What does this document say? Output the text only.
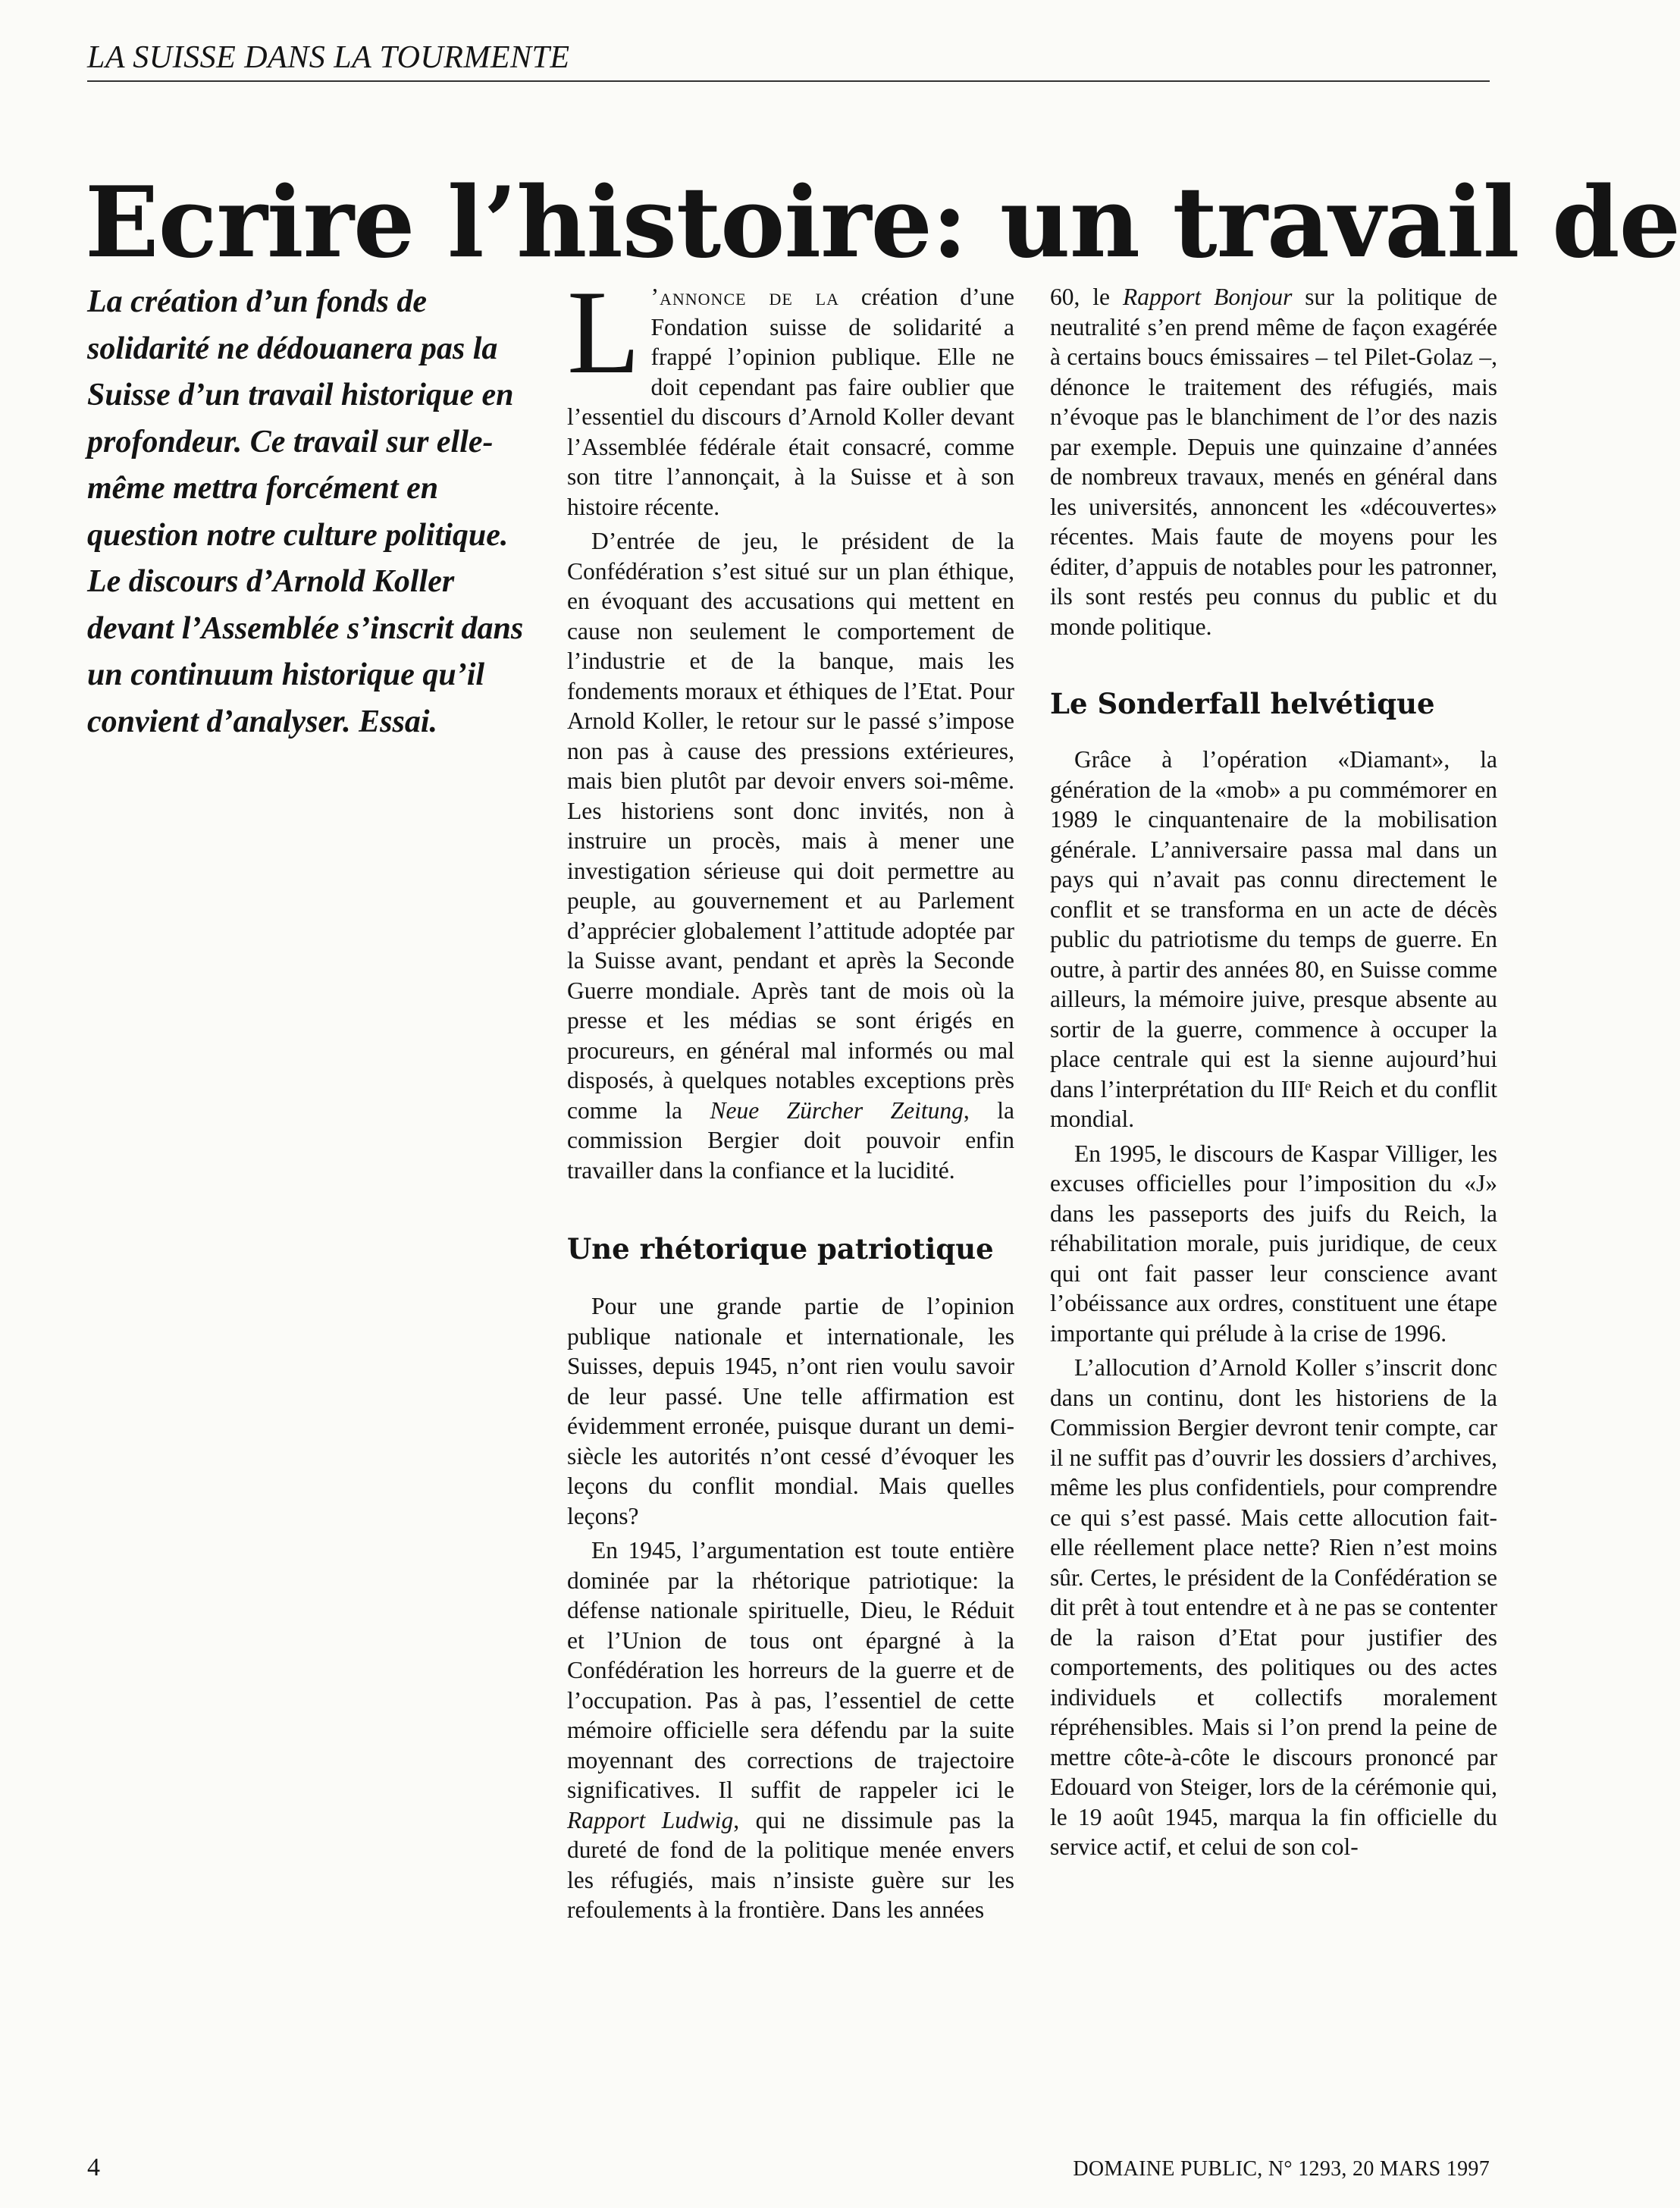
LA SUISSE DANS LA TOURMENTE
Ecrire l’histoire: un travail de

La création d’un fonds de solidarité ne dédouanera pas la Suisse d’un travail historique en profondeur. Ce travail sur elle-même mettra forcément en question notre culture politique.

Le discours d’Arnold Koller devant l’Assemblée s’inscrit dans un continuum historique qu’il convient d’analyser. Essai.

L ’annonce de la création d’une Fondation suisse de solidarité a frappé l’opinion publique. Elle ne doit cependant pas faire oublier que l’essentiel du discours d’Arnold Koller devant l’Assemblée fédérale était consacré, comme son titre l’annonçait, à la Suisse et à son histoire récente.

D’entrée de jeu, le président de la Confédération s’est situé sur un plan éthique, en évoquant des accusations qui mettent en cause non seulement le comportement de l’industrie et de la banque, mais les fondements moraux et éthiques de l’Etat. Pour Arnold Koller, le retour sur le passé s’impose non pas à cause des pressions extérieures, mais bien plutôt par devoir envers soi-même. Les historiens sont donc invités, non à instruire un procès, mais à mener une investigation sérieuse qui doit permettre au peuple, au gouvernement et au Parlement d’apprécier globalement l’attitude adoptée par la Suisse avant, pendant et après la Seconde Guerre mondiale. Après tant de mois où la presse et les médias se sont érigés en procureurs, en général mal informés ou mal disposés, à quelques notables exceptions près comme la Neue Zürcher Zeitung, la commission Bergier doit pouvoir enfin travailler dans la confiance et la lucidité.

Une rhétorique patriotique

Pour une grande partie de l’opinion publique nationale et internationale, les Suisses, depuis 1945, n’ont rien voulu savoir de leur passé. Une telle affirmation est évidemment erronée, puisque durant un demi-siècle les autorités n’ont cessé d’évoquer les leçons du conflit mondial. Mais quelles leçons?

En 1945, l’argumentation est toute entière dominée par la rhétorique patriotique: la défense nationale spirituelle, Dieu, le Réduit et l’Union de tous ont épargné à la Confédération les horreurs de la guerre et de l’occupation. Pas à pas, l’essentiel de cette mémoire officielle sera défendu par la suite moyennant des corrections de trajectoire significatives. Il suffit de rappeler ici le Rapport Ludwig, qui ne dissimule pas la dureté de fond de la politique menée envers les réfugiés, mais n’insiste guère sur les refoulements à la frontière. Dans les années

60, le Rapport Bonjour sur la politique de neutralité s’en prend même de façon exagérée à certains boucs émissaires – tel Pilet-Golaz –, dénonce le traitement des réfugiés, mais n’évoque pas le blanchiment de l’or des nazis par exemple. Depuis une quinzaine d’années de nombreux travaux, menés en général dans les universités, annoncent les «découvertes» récentes. Mais faute de moyens pour les éditer, d’appuis de notables pour les patronner, ils sont restés peu connus du public et du monde politique.

Le Sonderfall helvétique

Grâce à l’opération «Diamant», la génération de la «mob» a pu commémorer en 1989 le cinquantenaire de la mobilisation générale. L’anniversaire passa mal dans un pays qui n’avait pas connu directement le conflit et se transforma en un acte de décès public du patriotisme du temps de guerre. En outre, à partir des années 80, en Suisse comme ailleurs, la mémoire juive, presque absente au sortir de la guerre, commence à occuper la place centrale qui est la sienne aujourd’hui dans l’interprétation du IIIᵉ Reich et du conflit mondial.

En 1995, le discours de Kaspar Villiger, les excuses officielles pour l’imposition du «J» dans les passeports des juifs du Reich, la réhabilitation morale, puis juridique, de ceux qui ont fait passer leur conscience avant l’obéissance aux ordres, constituent une étape importante qui prélude à la crise de 1996.

L’allocution d’Arnold Koller s’inscrit donc dans un continu, dont les historiens de la Commission Bergier devront tenir compte, car il ne suffit pas d’ouvrir les dossiers d’archives, même les plus confidentiels, pour comprendre ce qui s’est passé. Mais cette allocution fait-elle réellement place nette? Rien n’est moins sûr. Certes, le président de la Confédération se dit prêt à tout entendre et à ne pas se contenter de la raison d’Etat pour justifier des comportements, des politiques ou des actes individuels et collectifs moralement répréhensibles. Mais si l’on prend la peine de mettre côte-à-côte le discours prononcé par Edouard von Steiger, lors de la cérémonie qui, le 19 août 1945, marqua la fin officielle du service actif, et celui de son col-

4	DOMAINE PUBLIC, N° 1293, 20 MARS 1997
